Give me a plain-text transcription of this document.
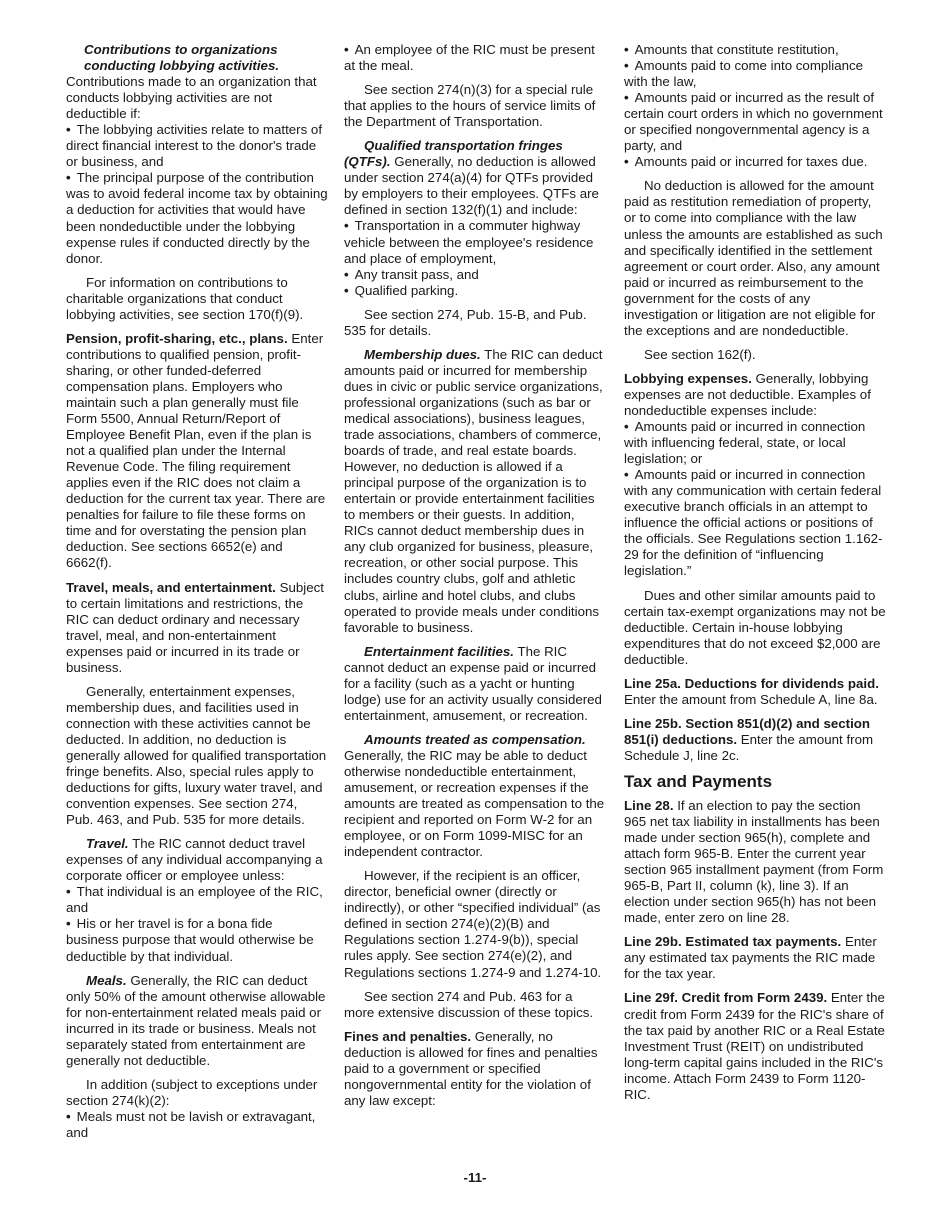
Contributions to organizations conducting lobbying activities.

Contributions made to an organization that conducts lobbying activities are not deductible if:

• The lobbying activities relate to matters of direct financial interest to the donor's trade or business, and
• The principal purpose of the contribution was to avoid federal income tax by obtaining a deduction for activities that would have been nondeductible under the lobbying expense rules if conducted directly by the donor.

For information on contributions to charitable organizations that conduct lobbying activities, see section 170(f)(9).

Pension, profit-sharing, etc., plans. Enter contributions to qualified pension, profit-sharing, or other funded-deferred compensation plans. Employers who maintain such a plan generally must file Form 5500, Annual Return/Report of Employee Benefit Plan, even if the plan is not a qualified plan under the Internal Revenue Code. The filing requirement applies even if the RIC does not claim a deduction for the current tax year. There are penalties for failure to file these forms on time and for overstating the pension plan deduction. See sections 6652(e) and 6662(f).

Travel, meals, and entertainment. Subject to certain limitations and restrictions, the RIC can deduct ordinary and necessary travel, meal, and non-entertainment expenses paid or incurred in its trade or business.

Generally, entertainment expenses, membership dues, and facilities used in connection with these activities cannot be deducted. In addition, no deduction is generally allowed for qualified transportation fringe benefits. Also, special rules apply to deductions for gifts, luxury water travel, and convention expenses. See section 274, Pub. 463, and Pub. 535 for more details.

Travel. The RIC cannot deduct travel expenses of any individual accompanying a corporate officer or employee unless:

• That individual is an employee of the RIC, and
• His or her travel is for a bona fide business purpose that would otherwise be deductible by that individual.

Meals. Generally, the RIC can deduct only 50% of the amount otherwise allowable for non-entertainment related meals paid or incurred in its trade or business. Meals not separately stated from entertainment are generally not deductible.

In addition (subject to exceptions under section 274(k)(2):

• Meals must not be lavish or extravagant, and
• An employee of the RIC must be present at the meal.

See section 274(n)(3) for a special rule that applies to the hours of service limits of the Department of Transportation.

Qualified transportation fringes (QTFs). Generally, no deduction is allowed under section 274(a)(4) for QTFs provided by employers to their employees. QTFs are defined in section 132(f)(1) and include:

• Transportation in a commuter highway vehicle between the employee's residence and place of employment,
• Any transit pass, and
• Qualified parking.

See section 274, Pub. 15-B, and Pub. 535 for details.

Membership dues. The RIC can deduct amounts paid or incurred for membership dues in civic or public service organizations, professional organizations (such as bar or medical associations), business leagues, trade associations, chambers of commerce, boards of trade, and real estate boards. However, no deduction is allowed if a principal purpose of the organization is to entertain or provide entertainment facilities to members or their guests. In addition, RICs cannot deduct membership dues in any club organized for business, pleasure, recreation, or other social purpose. This includes country clubs, golf and athletic clubs, airline and hotel clubs, and clubs operated to provide meals under conditions favorable to business.

Entertainment facilities. The RIC cannot deduct an expense paid or incurred for a facility (such as a yacht or hunting lodge) use for an activity usually considered entertainment, amusement, or recreation.

Amounts treated as compensation. Generally, the RIC may be able to deduct otherwise nondeductible entertainment, amusement, or recreation expenses if the amounts are treated as compensation to the recipient and reported on Form W-2 for an employee, or on Form 1099-MISC for an independent contractor.

However, if the recipient is an officer, director, beneficial owner (directly or indirectly), or other “specified individual” (as defined in section 274(e)(2)(B) and Regulations section 1.274-9(b)), special rules apply. See section 274(e)(2), and Regulations sections 1.274-9 and 1.274-10.

See section 274 and Pub. 463 for a more extensive discussion of these topics.

Fines and penalties. Generally, no deduction is allowed for fines and penalties paid to a government or specified nongovernmental entity for the violation of any law except:

• Amounts that constitute restitution,
• Amounts paid to come into compliance with the law,
• Amounts paid or incurred as the result of certain court orders in which no government or specified nongovernmental agency is a party, and
• Amounts paid or incurred for taxes due.

No deduction is allowed for the amount paid as restitution remediation of property, or to come into compliance with the law unless the amounts are established as such and specifically identified in the settlement agreement or court order. Also, any amount paid or incurred as reimbursement to the government for the costs of any investigation or litigation are not eligible for the exceptions and are nondeductible.

See section 162(f).

Lobbying expenses. Generally, lobbying expenses are not deductible. Examples of nondeductible expenses include:

• Amounts paid or incurred in connection with influencing federal, state, or local legislation; or
• Amounts paid or incurred in connection with any communication with certain federal executive branch officials in an attempt to influence the official actions or positions of the officials. See Regulations section 1.162-29 for the definition of “influencing legislation.”

Dues and other similar amounts paid to certain tax-exempt organizations may not be deductible. Certain in-house lobbying expenditures that do not exceed $2,000 are deductible.

Line 25a. Deductions for dividends paid. Enter the amount from Schedule A, line 8a.

Line 25b. Section 851(d)(2) and section 851(i) deductions. Enter the amount from Schedule J, line 2c.

Tax and Payments

Line 28. If an election to pay the section 965 net tax liability in installments has been made under section 965(h), complete and attach form 965-B. Enter the current year section 965 installment payment (from Form 965-B, Part II, column (k), line 3). If an election under section 965(h) has not been made, enter zero on line 28.

Line 29b. Estimated tax payments. Enter any estimated tax payments the RIC made for the tax year.

Line 29f. Credit from Form 2439. Enter the credit from Form 2439 for the RIC's share of the tax paid by another RIC or a Real Estate Investment Trust (REIT) on undistributed long-term capital gains included in the RIC's income. Attach Form 2439 to Form 1120-RIC.

-11-
